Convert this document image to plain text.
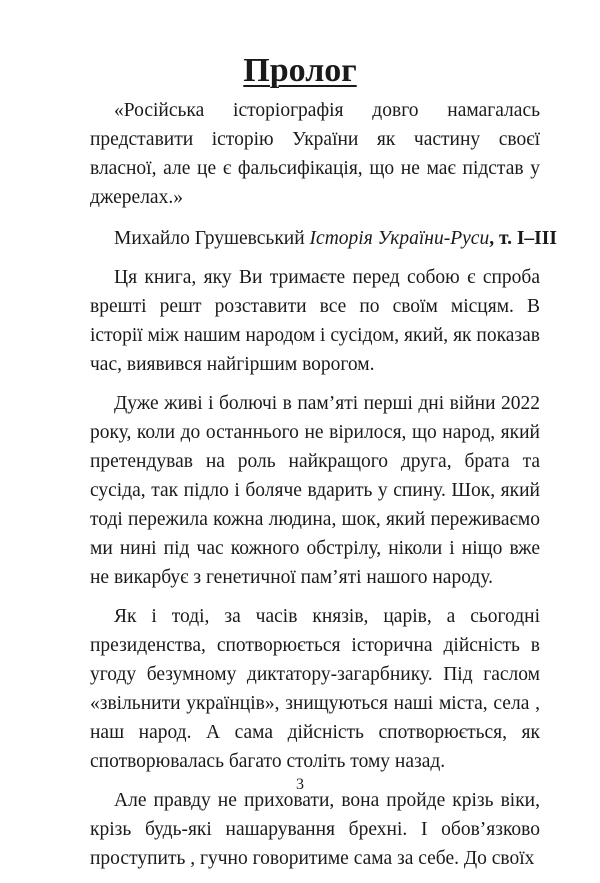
Пролог

«Російська історіографія довго намагалась представити історію України як частину своєї власної, але це є фальсифікація, що не має підстав у джерелах.»

Михайло Грушевський Історія України-Руси, т. I–III

Ця книга, яку Ви тримаєте перед собою є спроба врешті решт розставити все по своїм місцям. В історії між нашим народом і сусідом, який, як показав час, виявився найгіршим ворогом.

Дуже живі і болючі в пам’яті перші дні війни 2022 року, коли до останнього не вірилося, що народ, який претендував на роль найкращого друга, брата та сусіда, так підло і боляче вдарить у спину. Шок, який тоді пережила кожна людина, шок, який переживаємо ми нині під час кожного обстрілу, ніколи і ніщо вже не викарбує з генетичної пам’яті нашого народу.

Як і тоді, за часів князів, царів, а сьогодні президенства, спотворюється історична дійсність в угоду безумному диктатору-загарбнику. Під гаслом «звільнити українців», знищуються наші міста, села , наш народ. А сама дійсність спотворюється, як спотворювалась багато століть тому назад.

Але правду не приховати, вона пройде крізь віки, крізь будь-які нашарування брехні. І обов’язково проступить , гучно говоритиме сама за себе. До своїх

3
